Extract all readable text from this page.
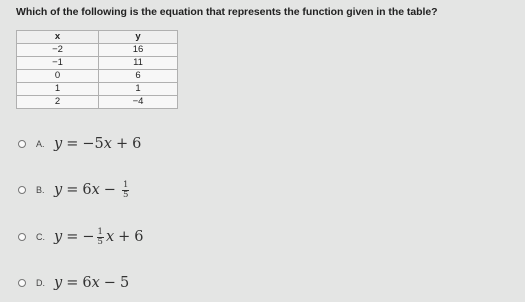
Which of the following is the equation that represents the function given in the table?
x	y
−2	16
−1	11
0	6
1	1
2	−4
A. y = − 5 x + 6
B. y = 6 $x - \frac{1}{5}$
C. y = − $\frac{1}{5}$ x + 6
D. y = 6 x − 5
